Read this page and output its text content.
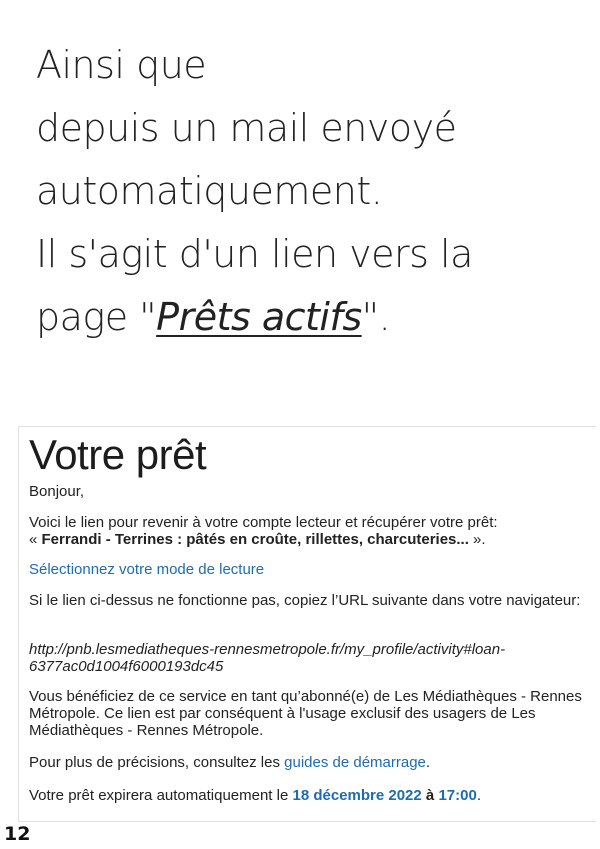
Ainsi que
depuis un mail envoyé
automatiquement.
Il s'agit d'un lien vers la
page "Prêts actifs".
Votre prêt

Bonjour,

Voici le lien pour revenir à votre compte lecteur et récupérer votre prêt:
« Ferrandi - Terrines : pâtés en croûte, rillettes, charcuteries... ».

Sélectionnez votre mode de lecture

Si le lien ci-dessus ne fonctionne pas, copiez l’URL suivante dans votre navigateur:

http://pnb.lesmediatheques-rennesmetropole.fr/my_profile/activity#loan-6377ac0d1004f6000193dc45

Vous bénéficiez de ce service en tant qu’abonné(e) de Les Médiathèques - Rennes Métropole. Ce lien est par conséquent à l'usage exclusif des usagers de Les Médiathèques - Rennes Métropole.

Pour plus de précisions, consultez les guides de démarrage.

Votre prêt expirera automatiquement le 18 décembre 2022 à 17:00.

12
